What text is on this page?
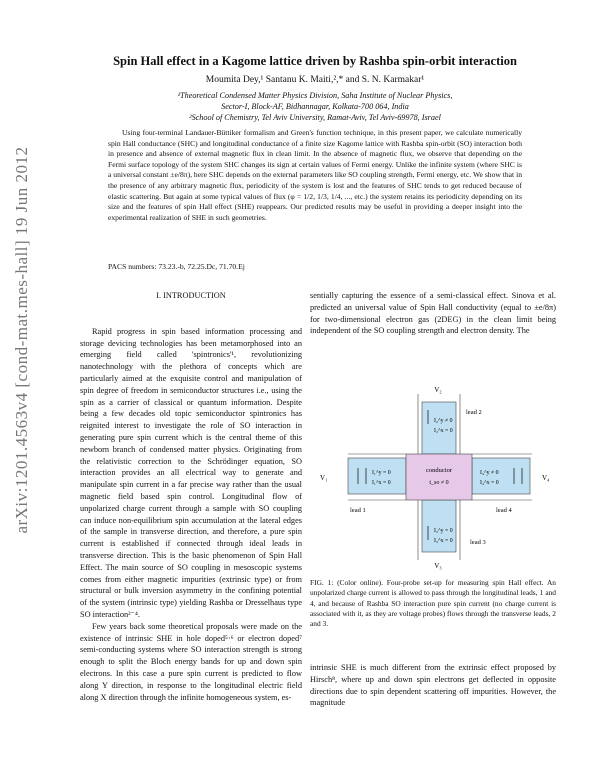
arXiv:1201.4563v4 [cond-mat.mes-hall] 19 Jun 2012
Spin Hall effect in a Kagome lattice driven by Rashba spin-orbit interaction
Moumita Dey,¹ Santanu K. Maiti,²,* and S. N. Karmakar¹
¹Theoretical Condensed Matter Physics Division, Saha Institute of Nuclear Physics,
Sector-I, Block-AF, Bidhannagar, Kolkata-700 064, India
²School of Chemistry, Tel Aviv University, Ramat-Aviv, Tel Aviv-69978, Israel
Using four-terminal Landauer-Büttiker formalism and Green's function technique, in this present paper, we calculate numerically spin Hall conductance (SHC) and longitudinal conductance of a finite size Kagome lattice with Rashba spin-orbit (SO) interaction both in presence and absence of external magnetic flux in clean limit. In the absence of magnetic flux, we observe that depending on the Fermi surface topology of the system SHC changes its sign at certain values of Fermi energy. Unlike the infinite system (where SHC is a universal constant ±e/8π), here SHC depends on the external parameters like SO coupling strength, Fermi energy, etc. We show that in the presence of any arbitrary magnetic flux, periodicity of the system is lost and the features of SHC tends to get reduced because of elastic scattering. But again at some typical values of flux (φ = 1/2, 1/3, 1/4, ..., etc.) the system retains its periodicity depending on its size and the features of spin Hall effect (SHE) reappears. Our predicted results may be useful in providing a deeper insight into the experimental realization of SHE in such geometries.
PACS numbers: 73.23.-b, 72.25.Dc, 71.70.Ej
I. INTRODUCTION

Rapid progress in spin based information processing and storage devicing technologies has been metamorphosed into an emerging field called 'spintronics'¹, revolutionizing nanotechnology with the plethora of concepts which are particularly aimed at the exquisite control and manipulation of spin degree of freedom in semiconductor structures i.e., using the spin as a carrier of classical or quantum information. Despite being a few decades old topic semiconductor spintronics has reignited interest to investigate the role of SO interaction in generating pure spin current which is the central theme of this newborn branch of condensed matter physics. Originating from the relativistic correction to the Schrödinger equation, SO interaction provides an all electrical way to generate and manipulate spin current in a far precise way rather than the usual magnetic field based spin control. Longitudinal flow of unpolarized charge current through a sample with SO coupling can induce non-equilibrium spin accumulation at the lateral edges of the sample in transverse direction, and therefore, a pure spin current is established if connected through ideal leads in transverse direction. This is the basic phenomenon of Spin Hall Effect. The main source of SO coupling in mesoscopic systems comes from either magnetic impurities (extrinsic type) or from structural or bulk inversion asymmetry in the confining potential of the system (intrinsic type) yielding Rashba or Dresselhaus type SO interaction²⁻⁴.

Few years back some theoretical proposals were made on the existence of intrinsic SHE in hole doped⁵·⁶ or electron doped⁷ semi-conducting systems where SO interaction strength is strong enough to split the Bloch energy bands for up and down spin electrons. In this case a pure spin current is predicted to flow along Y direction, in response to the longitudinal electric field along X direction through the infinite homogeneous system, es-

sentially capturing the essence of a semi-classical effect. Sinova et al. predicted an universal value of Spin Hall conductivity (equal to ±e/8π) for two-dimensional electron gas (2DEG) in the clean limit being independent of the SO coupling strength and electron density. The

V₂
V₃
V₁	V₄
lead 2
lead 1	lead 4
lead 3
conductor
t_so ≠ 0
I₂^y ≠ 0
I₂^x = 0
I₃^y = 0
I₃^x = 0
I₁^y = 0
I₁^x = 0
I₄^y ≠ 0
I₄^x = 0
FIG. 1: (Color online). Four-probe set-up for measuring spin Hall effect. An unpolarized charge current is allowed to pass through the longitudinal leads, 1 and 4, and because of Rashba SO interaction pure spin current (no charge current is associated with it, as they are voltage probes) flows through the transverse leads, 2 and 3.

intrinsic SHE is much different from the extrinsic effect proposed by Hirsch⁸, where up and down spin electrons get deflected in opposite directions due to spin dependent scattering off impurities. However, the magnitude
